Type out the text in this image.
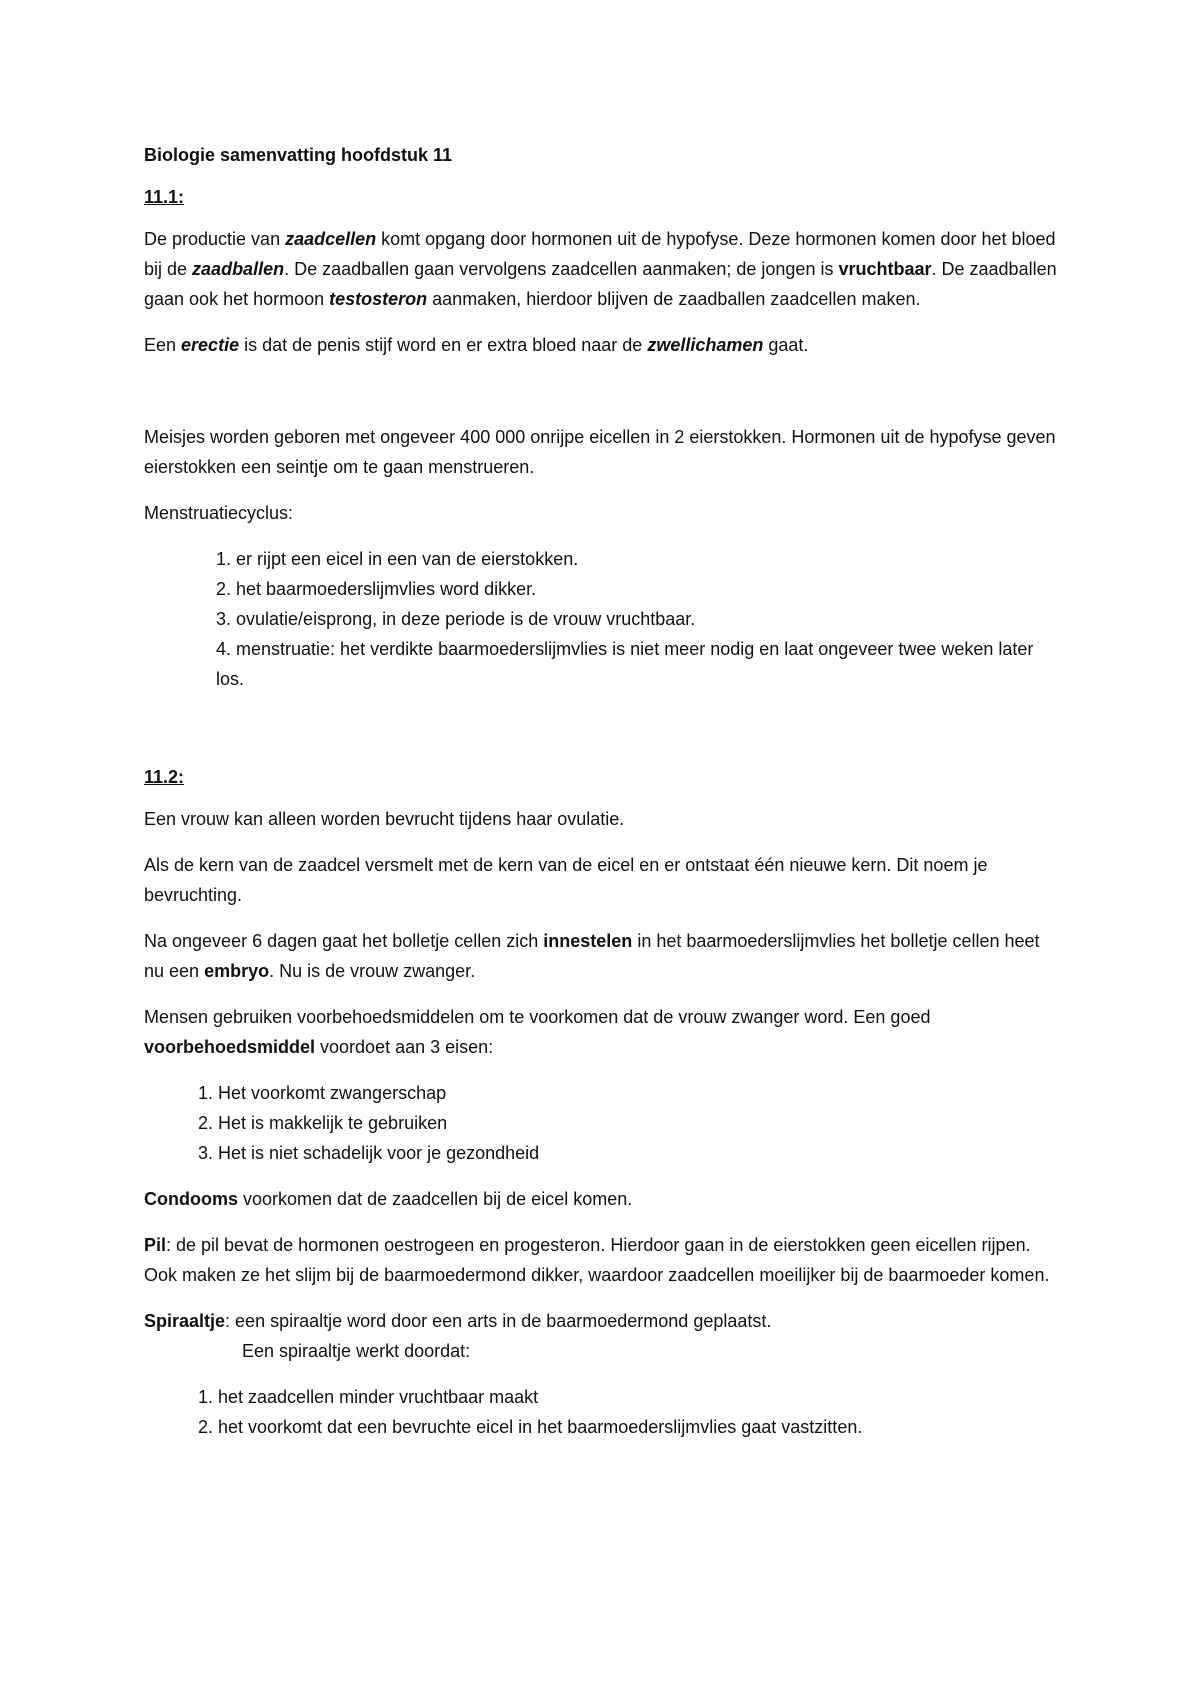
Biologie samenvatting hoofdstuk 11

11.1:

De productie van zaadcellen komt opgang door hormonen uit de hypofyse. Deze hormonen komen door het bloed bij de zaadballen. De zaadballen gaan vervolgens zaadcellen aanmaken; de jongen is vruchtbaar. De zaadballen gaan ook het hormoon testosteron aanmaken, hierdoor blijven de zaadballen zaadcellen maken.

Een erectie is dat de penis stijf word en er extra bloed naar de zwellichamen gaat.

Meisjes worden geboren met ongeveer 400 000 onrijpe eicellen in 2 eierstokken. Hormonen uit de hypofyse geven eierstokken een seintje om te gaan menstrueren.

Menstruatiecyclus:

1. er rijpt een eicel in een van de eierstokken.
2. het baarmoederslijmvlies word dikker.
3. ovulatie/eisprong, in deze periode is de vrouw vruchtbaar.
4. menstruatie: het verdikte baarmoederslijmvlies is niet meer nodig en laat ongeveer twee weken later los.

11.2:

Een vrouw kan alleen worden bevrucht tijdens haar ovulatie.

Als de kern van de zaadcel versmelt met de kern van de eicel en er ontstaat één nieuwe kern. Dit noem je bevruchting.

Na ongeveer 6 dagen gaat het bolletje cellen zich innestelen in het baarmoederslijmvlies het bolletje cellen heet nu een embryo. Nu is de vrouw zwanger.

Mensen gebruiken voorbehoedsmiddelen om te voorkomen dat de vrouw zwanger word. Een goed voorbehoedsmiddel voordoet aan 3 eisen:

1. Het voorkomt zwangerschap
2. Het is makkelijk te gebruiken
3. Het is niet schadelijk voor je gezondheid

Condooms voorkomen dat de zaadcellen bij de eicel komen.

Pil: de pil bevat de hormonen oestrogeen en progesteron. Hierdoor gaan in de eierstokken geen eicellen rijpen. Ook maken ze het slijm bij de baarmoedermond dikker, waardoor zaadcellen moeilijker bij de baarmoeder komen.

Spiraaltje: een spiraaltje word door een arts in de baarmoedermond geplaatst.

Een spiraaltje werkt doordat:

1. het zaadcellen minder vruchtbaar maakt
2. het voorkomt dat een bevruchte eicel in het baarmoederslijmvlies gaat vastzitten.
